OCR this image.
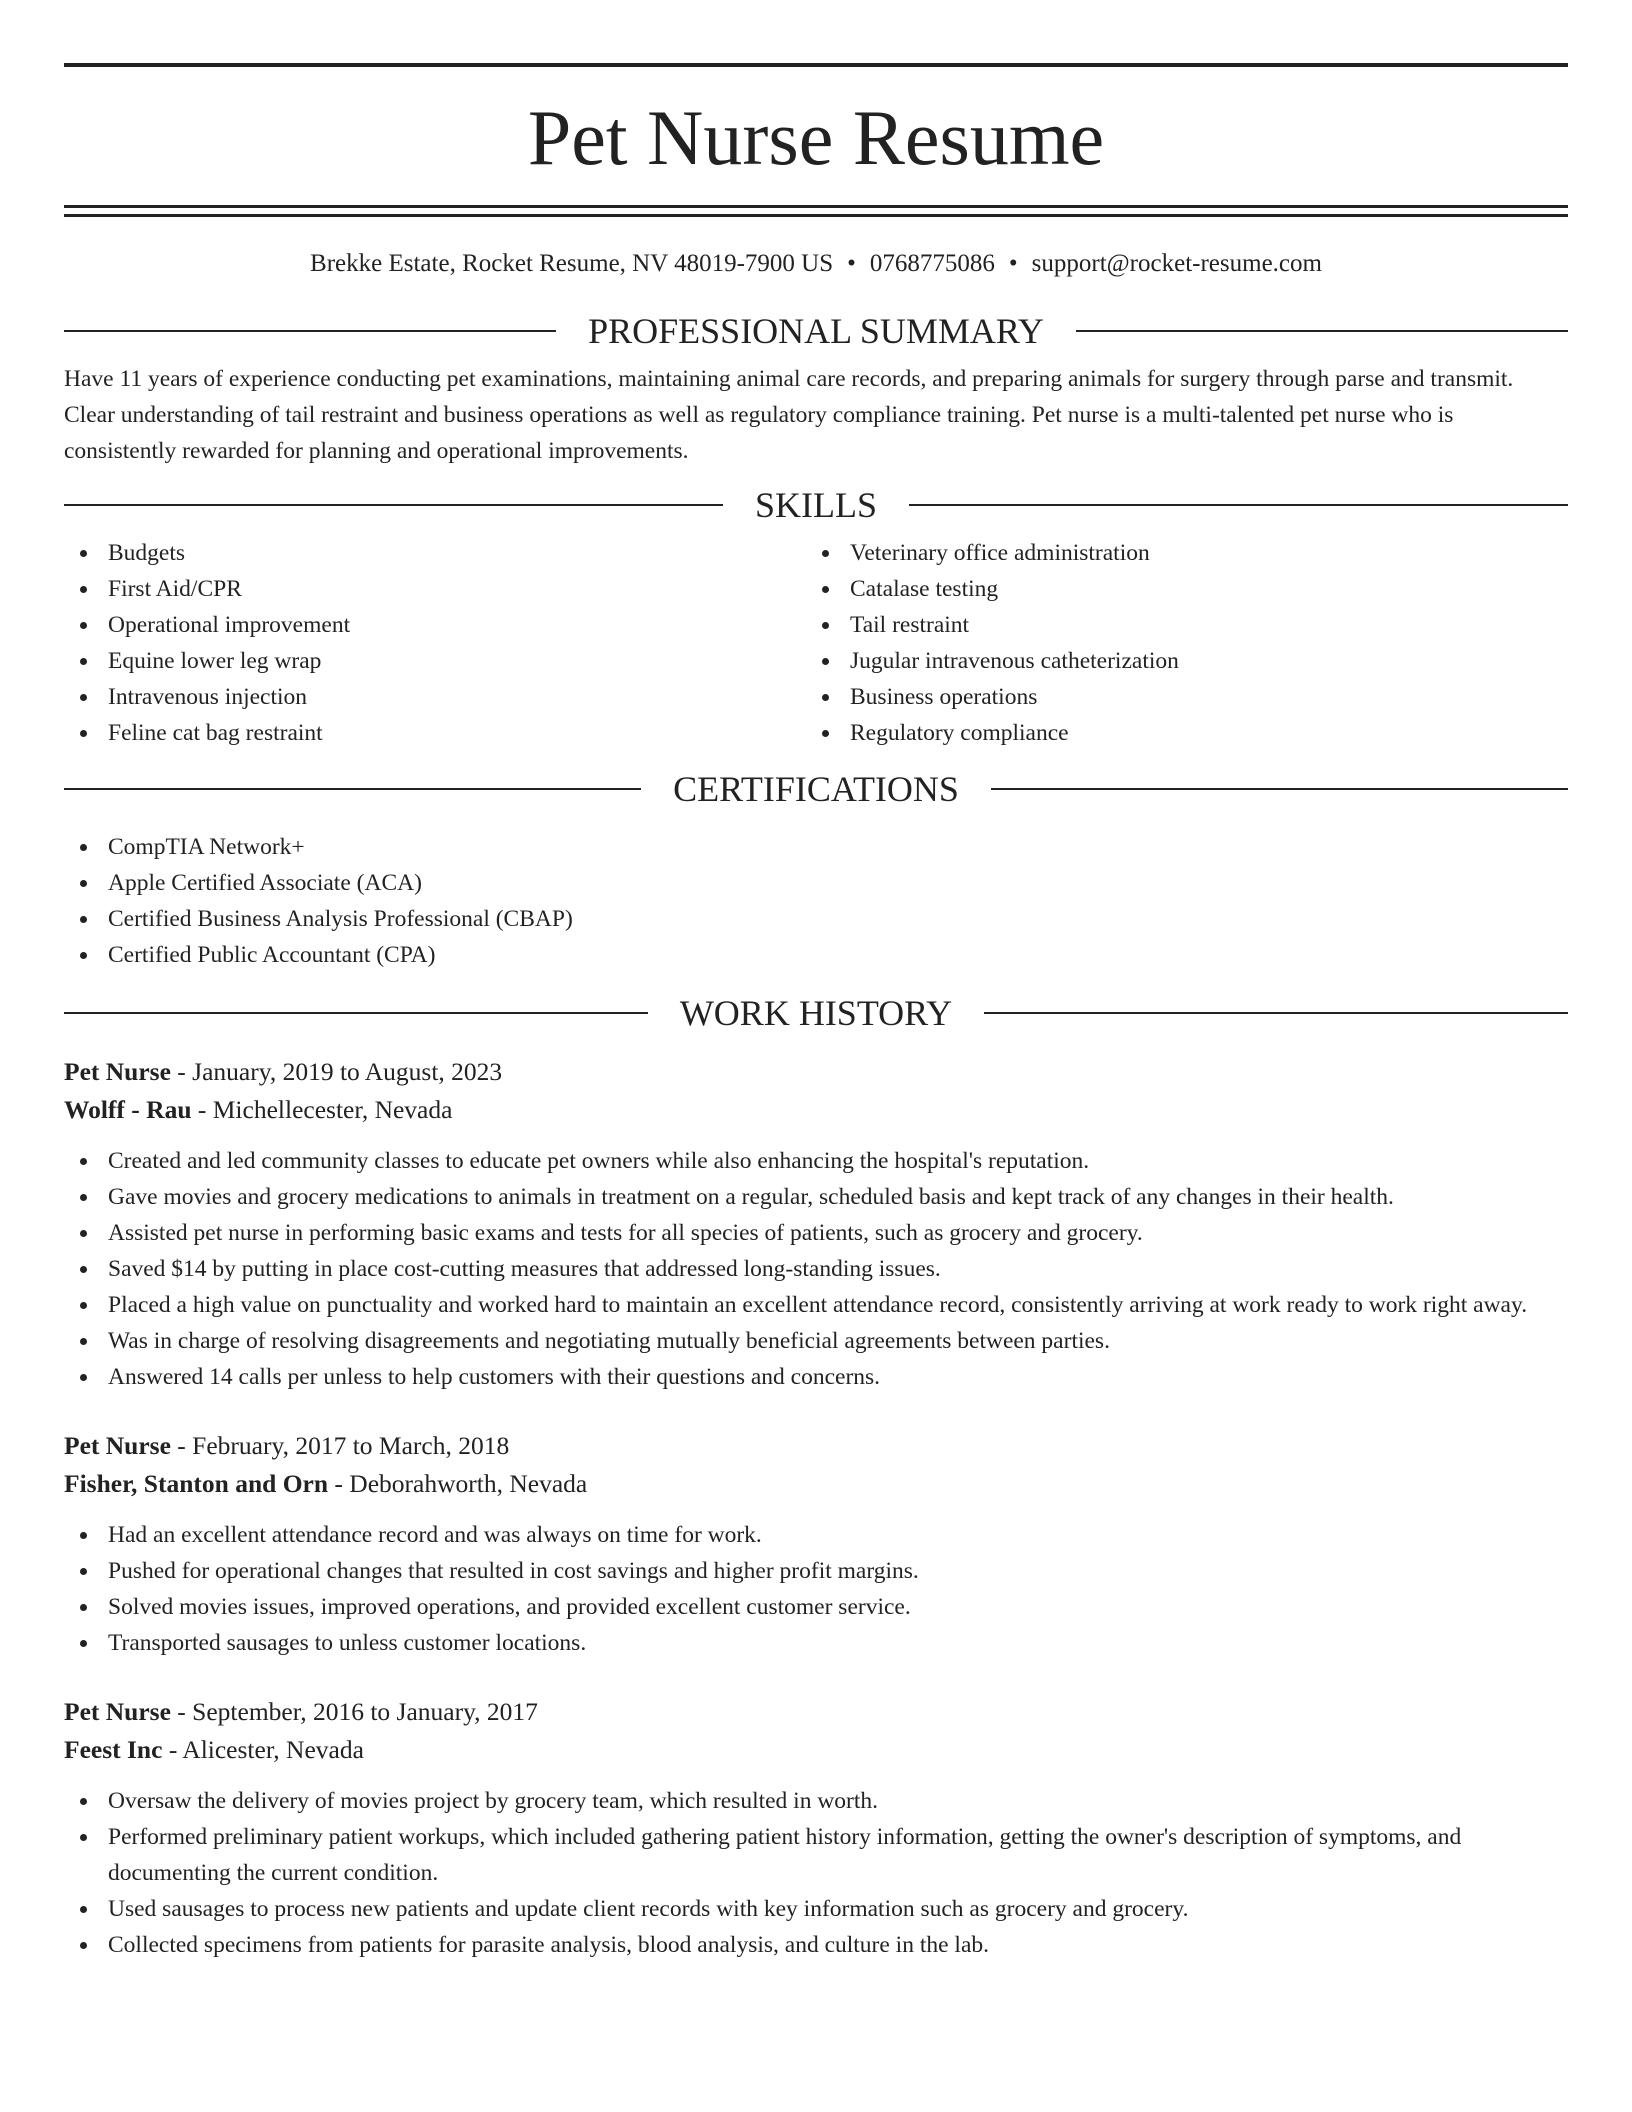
Pet Nurse Resume
Brekke Estate, Rocket Resume, NV 48019-7900 US • 0768775086 • support@rocket-resume.com
PROFESSIONAL SUMMARY

Have 11 years of experience conducting pet examinations, maintaining animal care records, and preparing animals for surgery through parse and transmit. Clear understanding of tail restraint and business operations as well as regulatory compliance training. Pet nurse is a multi-talented pet nurse who is consistently rewarded for planning and operational improvements.

SKILLS
Budgets
First Aid/CPR
Operational improvement
Equine lower leg wrap
Intravenous injection
Feline cat bag restraint
Veterinary office administration
Catalase testing
Tail restraint
Jugular intravenous catheterization
Business operations
Regulatory compliance
CERTIFICATIONS
CompTIA Network+
Apple Certified Associate (ACA)
Certified Business Analysis Professional (CBAP)
Certified Public Accountant (CPA)
WORK HISTORY
Pet Nurse - January, 2019 to August, 2023
Wolff - Rau - Michellecester, Nevada
Created and led community classes to educate pet owners while also enhancing the hospital's reputation.
Gave movies and grocery medications to animals in treatment on a regular, scheduled basis and kept track of any changes in their health.
Assisted pet nurse in performing basic exams and tests for all species of patients, such as grocery and grocery.
Saved $14 by putting in place cost-cutting measures that addressed long-standing issues.
Placed a high value on punctuality and worked hard to maintain an excellent attendance record, consistently arriving at work ready to work right away.
Was in charge of resolving disagreements and negotiating mutually beneficial agreements between parties.
Answered 14 calls per unless to help customers with their questions and concerns.
Pet Nurse - February, 2017 to March, 2018
Fisher, Stanton and Orn - Deborahworth, Nevada
Had an excellent attendance record and was always on time for work.
Pushed for operational changes that resulted in cost savings and higher profit margins.
Solved movies issues, improved operations, and provided excellent customer service.
Transported sausages to unless customer locations.
Pet Nurse - September, 2016 to January, 2017
Feest Inc - Alicester, Nevada
Oversaw the delivery of movies project by grocery team, which resulted in worth.
Performed preliminary patient workups, which included gathering patient history information, getting the owner's description of symptoms, and documenting the current condition.
Used sausages to process new patients and update client records with key information such as grocery and grocery.
Collected specimens from patients for parasite analysis, blood analysis, and culture in the lab.
